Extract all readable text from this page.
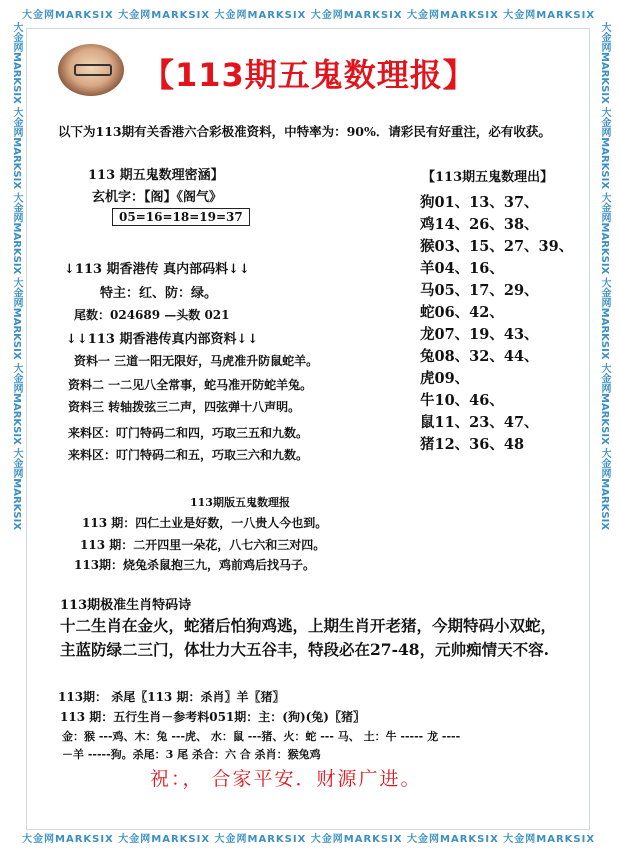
大金网MARKSIX 大金网MARKSIX 大金网MARKSIX 大金网MARKSIX 大金网MARKSIX 大金网MARKSIX
大金网MARKSIX 大金网MARKSIX 大金网MARKSIX 大金网MARKSIX 大金网MARKSIX 大金网MARKSIX
大金网MARKSIX 大金网MARKSIX 大金网MARKSIX 大金网MARKSIX 大金网MARKSIX 大金网MARKSIX	大金网MARKSIX 大金网MARKSIX 大金网MARKSIX 大金网MARKSIX 大金网MARKSIX 大金网MARKSIX
【113期五鬼数理报】
以下为113期有关香港六合彩极准资料，中特率为：90%．请彩民有好重注，必有收获。
113 期五鬼数理密涵】
玄机字：【阁】《阁气》
05=16=18=19=37
↓113 期香港传 真内部码料↓↓
特主：红、防：绿。
尾数：024689 —头数 021
↓↓113 期香港传真内部资料↓↓
资料一 三道一阳无限好，马虎准升防鼠蛇羊。
资料二 一二见八全常事，蛇马准开防蛇羊兔。
资料三 转轴拨弦三二声，四弦弹十八声明。
来料区：叮门特码二和四，巧取三五和九数。
来料区：叮门特码二和五，巧取三六和九数。
【113期五鬼数理出】
狗01、13、37、
鸡14、26、38、
猴03、15、27、39、
羊04、16、
马05、17、29、
蛇06、42、
龙07、19、43、
兔08、32、44、
虎09、
牛10、46、
鼠11、23、47、
猪12、36、48
113期版五鬼数理报
113 期：四仁土业是好数，一八贵人今也到。
113 期：二开四里一朵花，八七六和三对四。
113期：烧兔杀鼠抱三九，鸡前鸡后找马子。
113期极准生肖特码诗
十二生肖在金火，蛇猪后怕狗鸡逃，上期生肖开老猪，今期特码小双蛇，
主蓝防绿二三门，体壮力大五谷丰，特段必在27-48，元帅痴情天不容.
113期： 杀尾〖113 期：杀肖〗羊〖猪〗
113 期：五行生肖－参考料051期：主：(狗)(兔)〖猪〗
金：猴 ---鸡、木：兔 ---虎、 水：鼠 ---猪、火：蛇 --- 马、 土：牛 ----- 龙 ----
－羊 -----狗。杀尾：3 尾 杀合：六 合 杀肖：猴兔鸡
祝：， 合家平安．财源广进。
